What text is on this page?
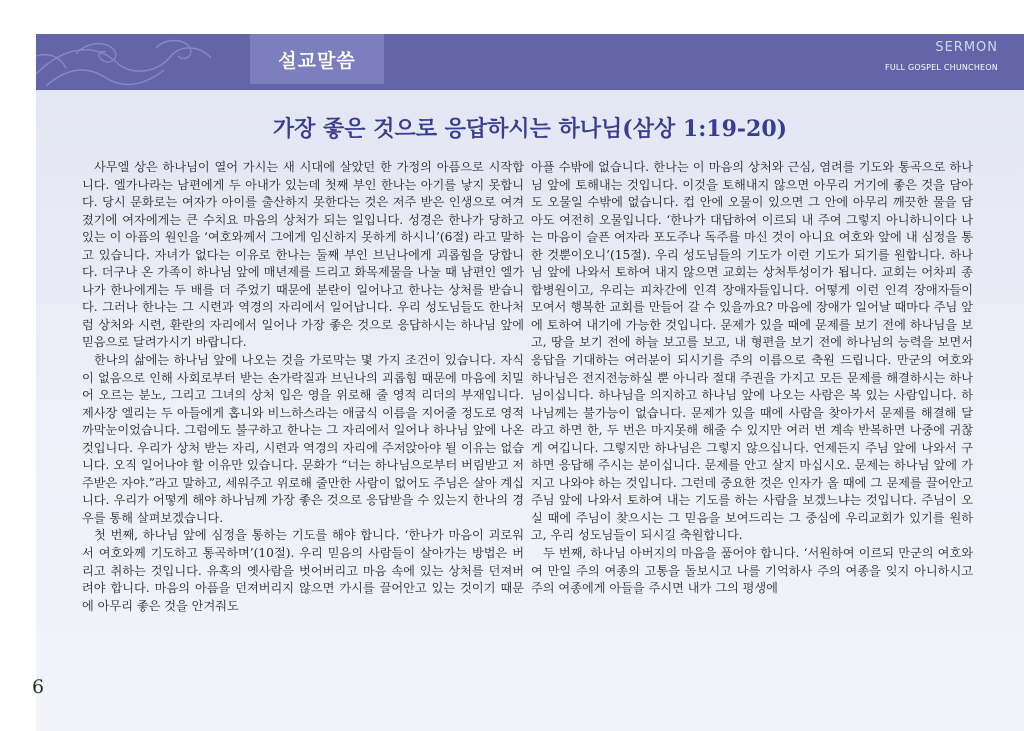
설교말씀
SERMON
FULL GOSPEL CHUNCHEON
가장 좋은 것으로 응답하시는 하나님(삼상 1:19-20)

사무엘 상은 하나님이 열어 가시는 새 시대에 살았던 한 가정의 아픔으로 시작합니다. 엘가나라는 남편에게 두 아내가 있는데 첫째 부인 한나는 아기를 낳지 못합니다. 당시 문화로는 여자가 아이를 출산하지 못한다는 것은 저주 받은 인생으로 여겨졌기에 여자에게는 큰 수치요 마음의 상처가 되는 일입니다. 성경은 한나가 당하고 있는 이 아픔의 원인을 ‘여호와께서 그에게 임신하지 못하게 하시니’(6절) 라고 말하고 있습니다. 자녀가 없다는 이유로 한나는 둘째 부인 브닌나에게 괴롭힘을 당합니다. 더구나 온 가족이 하나님 앞에 매년제를 드리고 화목제물을 나눌 때 남편인 엘가나가 한나에게는 두 배를 더 주었기 때문에 분란이 일어나고 한나는 상처를 받습니다. 그러나 한나는 그 시련과 역경의 자리에서 일어납니다. 우리 성도님들도 한나처럼 상처와 시련, 환란의 자리에서 일어나 가장 좋은 것으로 응답하시는 하나님 앞에 믿음으로 달려가시기 바랍니다.

한나의 삶에는 하나님 앞에 나오는 것을 가로막는 몇 가지 조건이 있습니다. 자식이 없음으로 인해 사회로부터 받는 손가락질과 브닌나의 괴롭힘 때문에 마음에 치밀어 오르는 분노, 그리고 그녀의 상처 입은 영을 위로해 줄 영적 리더의 부재입니다. 제사장 엘리는 두 아들에게 홉니와 비느하스라는 애굽식 이름을 지어줄 정도로 영적 까막눈이었습니다. 그럼에도 불구하고 한나는 그 자리에서 일어나 하나님 앞에 나온 것입니다. 우리가 상처 받는 자리, 시련과 역경의 자리에 주저앉아야 될 이유는 없습니다. 오직 일어나야 할 이유만 있습니다. 문화가 “너는 하나님으로부터 버림받고 저주받은 자야.”라고 말하고, 세워주고 위로해 줄만한 사람이 없어도 주님은 살아 계십니다. 우리가 어떻게 해야 하나님께 가장 좋은 것으로 응답받을 수 있는지 한나의 경우를 통해 살펴보겠습니다.

첫 번째, 하나님 앞에 심정을 통하는 기도를 해야 합니다. ‘한나가 마음이 괴로워서 여호와께 기도하고 통곡하며’(10절). 우리 믿음의 사람들이 살아가는 방법은 버리고 취하는 것입니다. 유혹의 옛사람을 벗어버리고 마음 속에 있는 상처를 던져버려야 합니다. 마음의 아픔을 던져버리지 않으면 가시를 끌어안고 있는 것이기 때문에 아무리 좋은 것을 안겨줘도

아플 수밖에 없습니다. 한나는 이 마음의 상처와 근심, 염려를 기도와 통곡으로 하나님 앞에 토해내는 것입니다. 이것을 토해내지 않으면 아무리 거기에 좋은 것을 담아도 오물일 수밖에 없습니다. 컵 안에 오물이 있으면 그 안에 아무리 깨끗한 물을 담아도 여전히 오물입니다. ‘한나가 대답하여 이르되 내 주여 그렇지 아니하니이다 나는 마음이 슬픈 여자라 포도주나 독주를 마신 것이 아니요 여호와 앞에 내 심정을 통한 것뿐이오니’(15절). 우리 성도님들의 기도가 이런 기도가 되기를 원합니다. 하나님 앞에 나와서 토하여 내지 않으면 교회는 상처투성이가 됩니다. 교회는 어차피 종합병원이고, 우리는 피차간에 인격 장애자들입니다. 어떻게 이런 인격 장애자들이 모여서 행복한 교회를 만들어 갈 수 있을까요? 마음에 장애가 일어날 때마다 주님 앞에 토하여 내기에 가능한 것입니다. 문제가 있을 때에 문제를 보기 전에 하나님을 보고, 땅을 보기 전에 하늘 보고를 보고, 내 형편을 보기 전에 하나님의 능력을 보면서 응답을 기대하는 여러분이 되시기를 주의 이름으로 축원 드립니다. 만군의 여호와 하나님은 전지전능하실 뿐 아니라 절대 주권을 가지고 모든 문제를 해결하시는 하나님이십니다. 하나님을 의지하고 하나님 앞에 나오는 사람은 복 있는 사람입니다. 하나님께는 불가능이 없습니다. 문제가 있을 때에 사람을 찾아가서 문제를 해결해 달라고 하면 한, 두 번은 마지못해 해줄 수 있지만 여러 번 계속 반복하면 나중에 귀찮게 여깁니다. 그렇지만 하나님은 그렇지 않으십니다. 언제든지 주님 앞에 나와서 구하면 응답해 주시는 분이십니다. 문제를 안고 살지 마십시오. 문제는 하나님 앞에 가지고 나와야 하는 것입니다. 그런데 중요한 것은 인자가 올 때에 그 문제를 끌어안고 주님 앞에 나와서 토하여 내는 기도를 하는 사람을 보겠느냐는 것입니다. 주님이 오실 때에 주님이 찾으시는 그 믿음을 보여드리는 그 중심에 우리교회가 있기를 원하고, 우리 성도님들이 되시길 축원합니다.

두 번째, 하나님 아버지의 마음을 품어야 합니다. ‘서원하여 이르되 만군의 여호와여 만일 주의 여종의 고통을 돌보시고 나를 기억하사 주의 여종을 잊지 아니하시고 주의 여종에게 아들을 주시면 내가 그의 평생에

6
